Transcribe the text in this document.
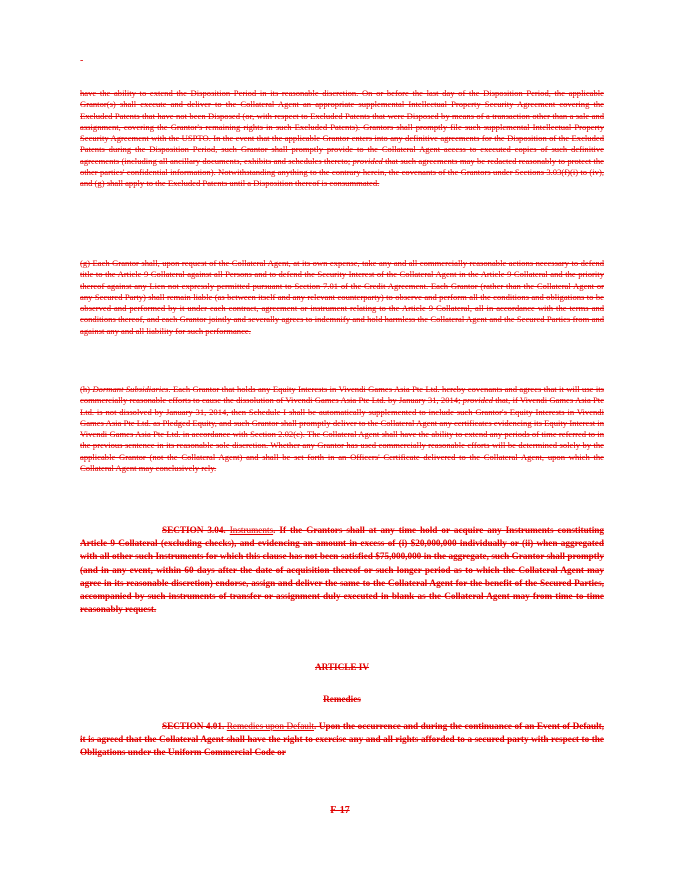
-
have the ability to extend the Disposition Period in its reasonable discretion. On or before the last day of the Disposition Period, the applicable Grantor(s) shall execute and deliver to the Collateral Agent an appropriate supplemental Intellectual Property Security Agreement covering the Excluded Patents that have not been Disposed (or, with respect to Excluded Patents that were Disposed by means of a transaction other than a sale and assignment, covering the Grantor's remaining rights in such Excluded Patents). Grantors shall promptly file such supplemental Intellectual Property Security Agreement with the USPTO. In the event that the applicable Grantor enters into any definitive agreements for the Disposition of the Excluded Patents during the Disposition Period, such Grantor shall promptly provide to the Collateral Agent access to executed copies of such definitive agreements (including all ancillary documents, exhibits and schedules thereto; provided that such agreements may be redacted reasonably to protect the other parties' confidential information). Notwithstanding anything to the contrary herein, the covenants of the Grantors under Sections 3.03(f)(i) to (iv), and (g) shall apply to the Excluded Patents until a Disposition thereof is consummated.
(g) Each Grantor shall, upon request of the Collateral Agent, at its own expense, take any and all commercially reasonable actions necessary to defend title to the Article 9 Collateral against all Persons and to defend the Security Interest of the Collateral Agent in the Article 9 Collateral and the priority thereof against any Lien not expressly permitted pursuant to Section 7.01 of the Credit Agreement. Each Grantor (rather than the Collateral Agent or any Secured Party) shall remain liable (as between itself and any relevant counterparty) to observe and perform all the conditions and obligations to be observed and performed by it under each contract, agreement or instrument relating to the Article 9 Collateral, all in accordance with the terms and conditions thereof, and each Grantor jointly and severally agrees to indemnify and hold harmless the Collateral Agent and the Secured Parties from and against any and all liability for such performance.
(h) Dormant Subsidiaries. Each Grantor that holds any Equity Interests in Vivendi Games Asia Pte Ltd. hereby covenants and agrees that it will use its commercially reasonable efforts to cause the dissolution of Vivendi Games Asia Pte Ltd. by January 31, 2014; provided that, if Vivendi Games Asia Pte Ltd. is not dissolved by January 31, 2014, then Schedule I shall be automatically supplemented to include such Grantor's Equity Interests in Vivendi Games Asia Pte Ltd. as Pledged Equity, and such Grantor shall promptly deliver to the Collateral Agent any certificates evidencing its Equity Interest in Vivendi Games Asia Pte Ltd. in accordance with Section 2.02(c). The Collateral Agent shall have the ability to extend any periods of time referred to in the previous sentence in its reasonable sole discretion. Whether any Grantor has used commercially reasonable efforts will be determined solely by the applicable Grantor (not the Collateral Agent) and shall be set forth in an Officers' Certificate delivered to the Collateral Agent, upon which the Collateral Agent may conclusively rely.
SECTION 3.04. Instruments. If the Grantors shall at any time hold or acquire any Instruments constituting Article 9 Collateral (excluding checks), and evidencing an amount in excess of (i) $20,000,000 individually or (ii) when aggregated with all other such Instruments for which this clause has not been satisfied $75,000,000 in the aggregate, such Grantor shall promptly (and in any event, within 60 days after the date of acquisition thereof or such longer period as to which the Collateral Agent may agree in its reasonable discretion) endorse, assign and deliver the same to the Collateral Agent for the benefit of the Secured Parties, accompanied by such instruments of transfer or assignment duly executed in blank as the Collateral Agent may from time to time reasonably request.
ARTICLE IV
Remedies
SECTION 4.01. Remedies upon Default. Upon the occurrence and during the continuance of an Event of Default, it is agreed that the Collateral Agent shall have the right to exercise any and all rights afforded to a secured party with respect to the Obligations under the Uniform Commercial Code or
F-17
